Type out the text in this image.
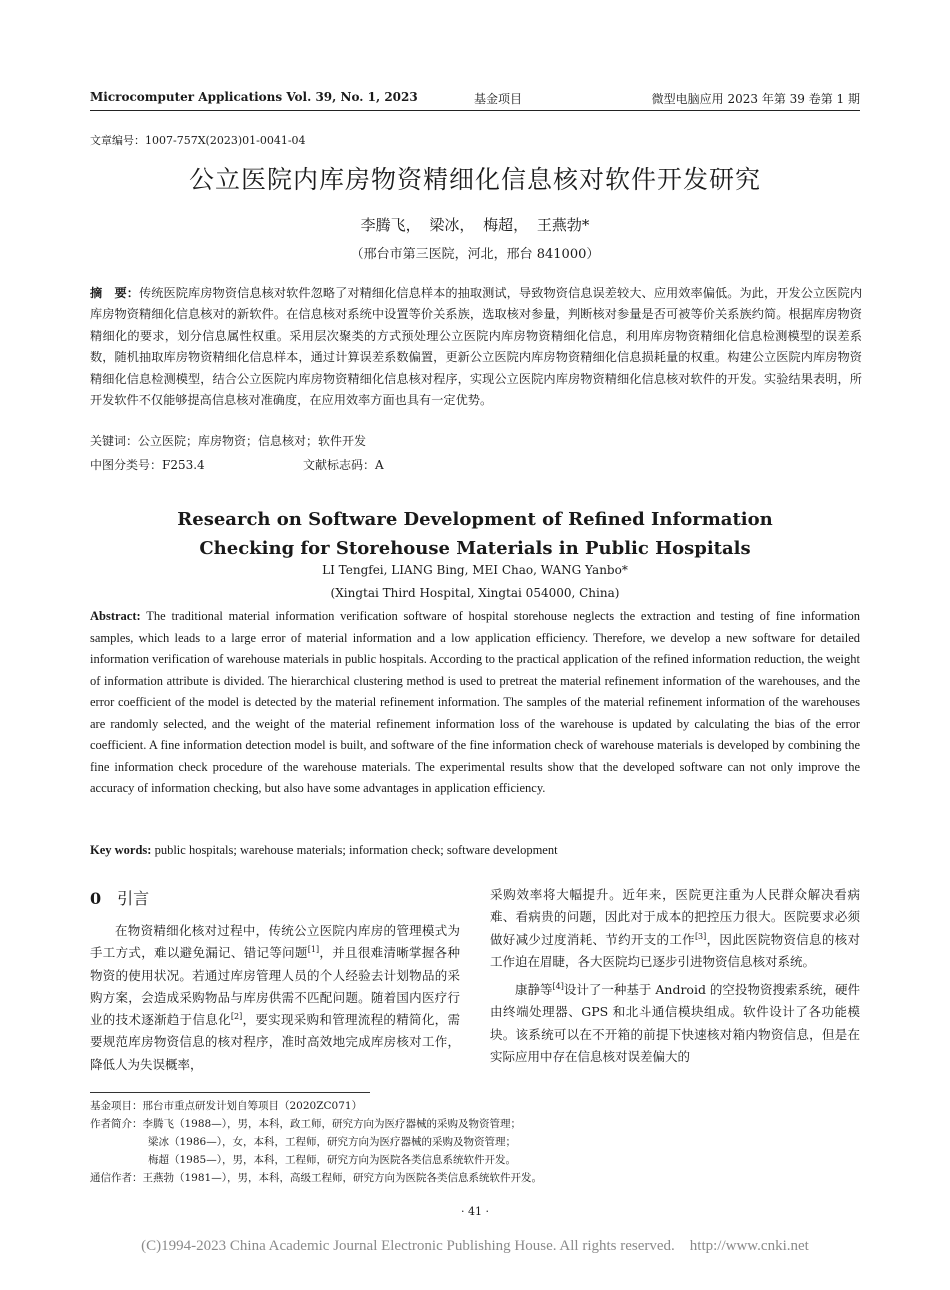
Microcomputer Applications Vol. 39, No. 1, 2023	基金项目	微型电脑应用 2023 年第 39 卷第 1 期
文章编号：1007-757X(2023)01-0041-04
公立医院内库房物资精细化信息核对软件开发研究
李腾飞， 梁冰， 梅超， 王燕勃*
（邢台市第三医院，河北，邢台 841000）
摘　要：传统医院库房物资信息核对软件忽略了对精细化信息样本的抽取测试，导致物资信息误差较大、应用效率偏低。为此，开发公立医院内库房物资精细化信息核对的新软件。在信息核对系统中设置等价关系族，选取核对参量，判断核对参量是否可被等价关系族约简。根据库房物资精细化的要求，划分信息属性权重。采用层次聚类的方式预处理公立医院内库房物资精细化信息，利用库房物资精细化信息检测模型的误差系数，随机抽取库房物资精细化信息样本，通过计算误差系数偏置，更新公立医院内库房物资精细化信息损耗量的权重。构建公立医院内库房物资精细化信息检测模型，结合公立医院内库房物资精细化信息核对程序，实现公立医院内库房物资精细化信息核对软件的开发。实验结果表明，所开发软件不仅能够提高信息核对准确度，在应用效率方面也具有一定优势。
关键词：公立医院；库房物资；信息核对；软件开发
中图分类号：F253.4	文献标志码：A
Research on Software Development of Refined Information Checking for Storehouse Materials in Public Hospitals
LI Tengfei, LIANG Bing, MEI Chao, WANG Yanbo*
(Xingtai Third Hospital, Xingtai 054000, China)
Abstract: The traditional material information verification software of hospital storehouse neglects the extraction and testing of fine information samples, which leads to a large error of material information and a low application efficiency. Therefore, we develop a new software for detailed information verification of warehouse materials in public hospitals. According to the practical application of the refined information reduction, the weight of information attribute is divided. The hierarchical clustering method is used to pretreat the material refinement information of the warehouses, and the error coefficient of the model is detected by the material refinement information. The samples of the material refinement information of the warehouses are randomly selected, and the weight of the material refinement information loss of the warehouse is updated by calculating the bias of the error coefficient. A fine information detection model is built, and software of the fine information check of warehouse materials is developed by combining the fine information check procedure of the warehouse materials. The experimental results show that the developed software can not only improve the accuracy of information checking, but also have some advantages in application efficiency.
Key words: public hospitals; warehouse materials; information check; software development
0 引言

在物资精细化核对过程中，传统公立医院内库房的管理模式为手工方式，难以避免漏记、错记等问题[1]，并且很难清晰掌握各种物资的使用状况。若通过库房管理人员的个人经验去计划物品的采购方案，会造成采购物品与库房供需不匹配问题。随着国内医疗行业的技术逐渐趋于信息化[2]，要实现采购和管理流程的精简化，需要规范库房物资信息的核对程序，准时高效地完成库房核对工作，降低人为失误概率，

采购效率将大幅提升。近年来，医院更注重为人民群众解决看病难、看病贵的问题，因此对于成本的把控压力很大。医院要求必须做好减少过度消耗、节约开支的工作[3]，因此医院物资信息的核对工作迫在眉睫，各大医院均已逐步引进物资信息核对系统。

康静等[4]设计了一种基于 Android 的空投物资搜索系统，硬件由终端处理器、GPS 和北斗通信模块组成。软件设计了各功能模块。该系统可以在不开箱的前提下快速核对箱内物资信息，但是在实际应用中存在信息核对误差偏大的

基金项目：邢台市重点研发计划自筹项目（2020ZC071）
作者简介：李腾飞（1988—），男，本科，政工师，研究方向为医疗器械的采购及物资管理；
梁冰（1986—），女，本科，工程师，研究方向为医疗器械的采购及物资管理；
梅超（1985—），男，本科，工程师，研究方向为医院各类信息系统软件开发。
通信作者：王燕勃（1981—），男，本科，高级工程师，研究方向为医院各类信息系统软件开发。
· 41 ·
(C)1994-2023 China Academic Journal Electronic Publishing House. All rights reserved.    http://www.cnki.net
